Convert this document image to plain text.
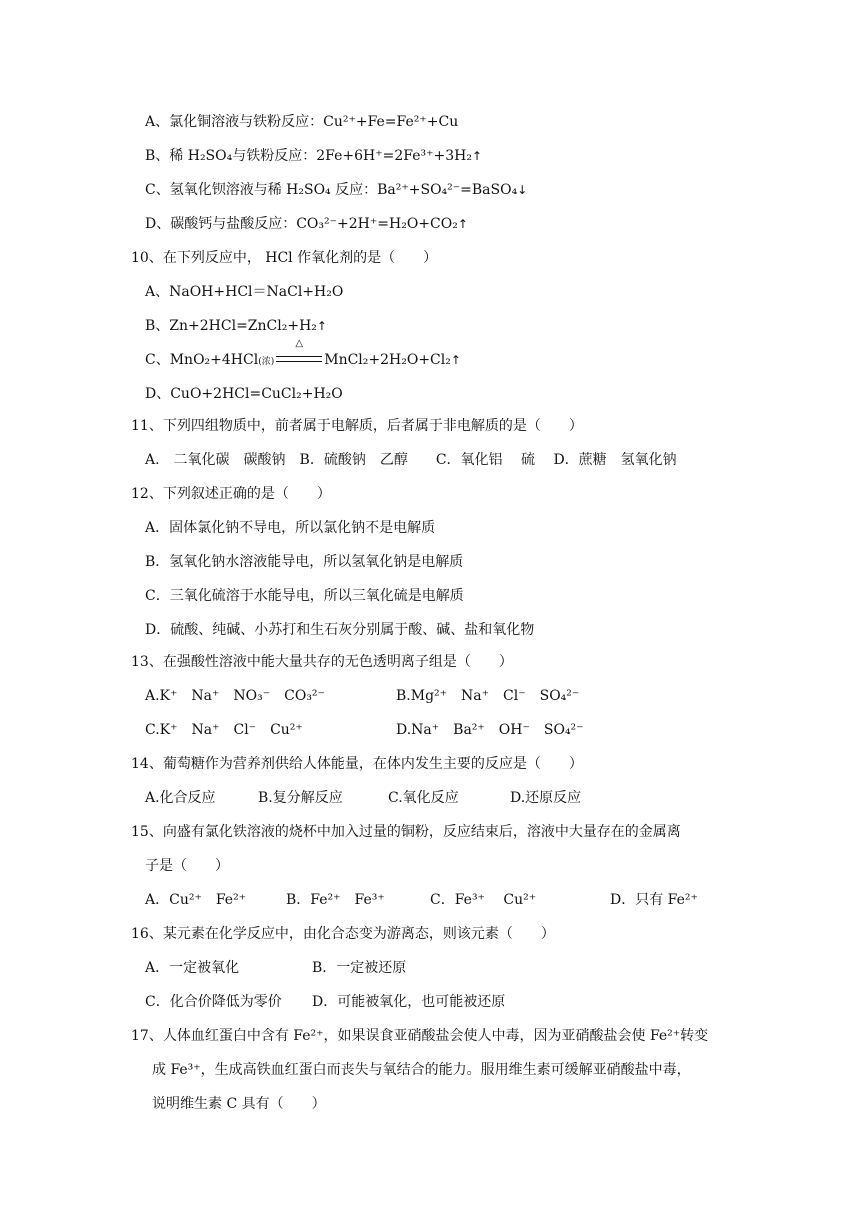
A、氯化铜溶液与铁粉反应：Cu²⁺+Fe=Fe²⁺+Cu
B、稀 H₂SO₄与铁粉反应：2Fe+6H⁺=2Fe³⁺+3H₂↑
C、氢氧化钡溶液与稀 H₂SO₄ 反应：Ba²⁺+SO₄²⁻=BaSO₄↓
D、碳酸钙与盐酸反应：CO₃²⁻+2H⁺=H₂O+CO₂↑
10、在下列反应中， HCl 作氧化剂的是（　　）
A、NaOH+HCl＝NaCl+H₂O
B、Zn+2HCl=ZnCl₂+H₂↑
C、MnO₂+4HCl(浓)
△
MnCl₂+2H₂O+Cl₂↑
D、CuO+2HCl=CuCl₂+H₂O
11、下列四组物质中，前者属于电解质，后者属于非电解质的是（　　）
A.　二氧化碳　碳酸钠　B．硫酸钠　乙醇　　C．氧化铝　 硫　 D．蔗糖　氢氧化钠
12、下列叙述正确的是（　　）
A．固体氯化钠不导电，所以氯化钠不是电解质
B．氢氧化钠水溶液能导电，所以氢氧化钠是电解质
C．三氧化硫溶于水能导电，所以三氧化硫是电解质
D．硫酸、纯碱、小苏打和生石灰分别属于酸、碱、盐和氧化物
13、在强酸性溶液中能大量共存的无色透明离子组是（　　）
A.K⁺　Na⁺　NO₃⁻　CO₃²⁻	B.Mg²⁺　Na⁺　Cl⁻　SO₄²⁻
C.K⁺　Na⁺　Cl⁻　Cu²⁺	D.Na⁺　Ba²⁺　OH⁻　SO₄²⁻
14、葡萄糖作为营养剂供给人体能量，在体内发生主要的反应是（　　）
A.化合反应	B.复分解反应	C.氧化反应	D.还原反应
15、向盛有氯化铁溶液的烧杯中加入过量的铜粉，反应结束后，溶液中大量存在的金属离
子是（　　）
A．Cu²⁺　Fe²⁺	B．Fe²⁺　Fe³⁺	C．Fe³⁺　 Cu²⁺	D．只有 Fe²⁺
16、某元素在化学反应中，由化合态变为游离态，则该元素（　　）
A．一定被氧化	B．一定被还原
C．化合价降低为零价 D．可能被氧化，也可能被还原
17、人体血红蛋白中含有 Fe²⁺，如果误食亚硝酸盐会使人中毒，因为亚硝酸盐会使 Fe²⁺转变
成 Fe³⁺，生成高铁血红蛋白而丧失与氧结合的能力。服用维生素可缓解亚硝酸盐中毒，
说明维生素 C 具有（　　）
